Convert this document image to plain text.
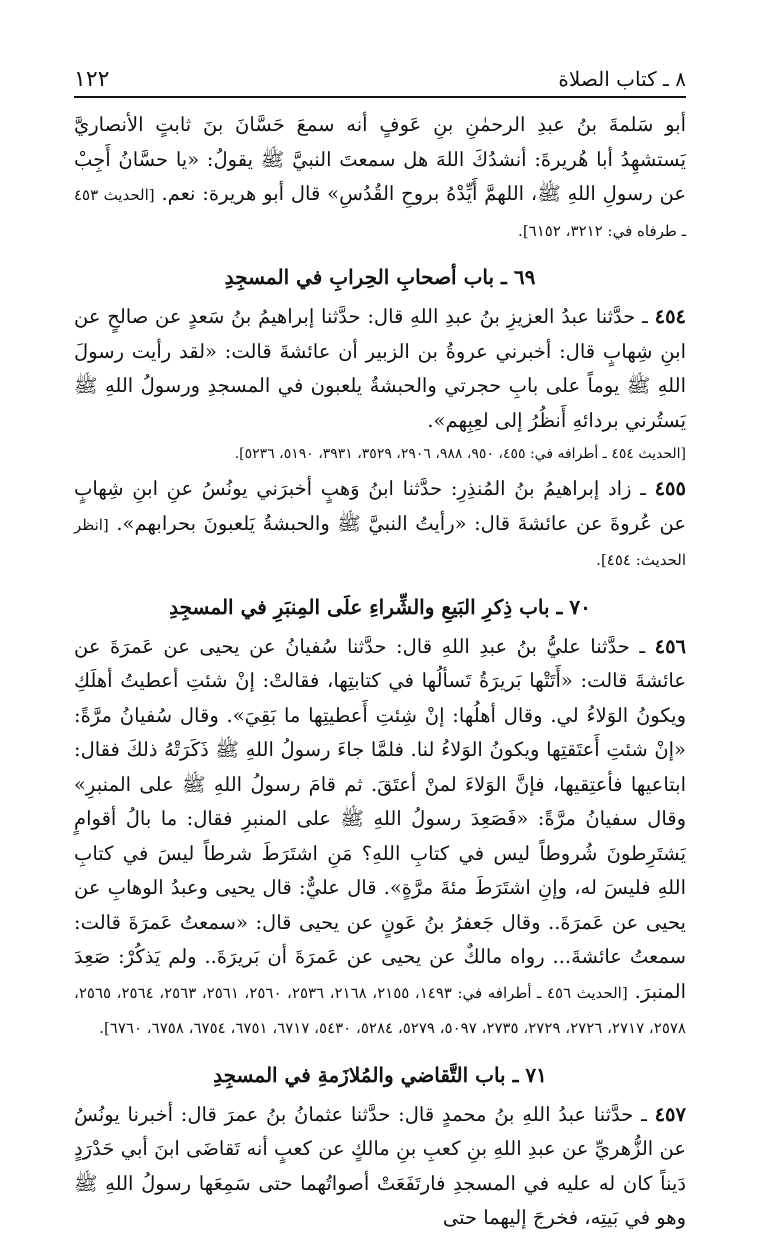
١٢٢	٨ ـ كتاب الصلاة

أبو سَلمةَ بنُ عبدِ الرحمٰنِ بنِ عَوفٍ أنه سمعَ حَسَّانَ بنَ ثابتٍ الأنصاريَّ يَستشهِدُ أبا هُريرةَ: أنشدُكَ اللهَ هل سمعتَ النبيَّ ﷺ يقولُ: «يا حسَّانُ أَجِبْ عن رسولِ اللهِ ﷺ، اللهمَّ أَيِّدْهُ بروحِ القُدُسِ» قال أبو هريرة: نعم. [الحديث ٤٥٣ ـ طرفاه في: ٣٢١٢، ٦١٥٢].

٦٩ ـ باب أصحابِ الحِرابِ في المسجِدِ

٤٥٤ ـ حدَّثنا عبدُ العزيزِ بنُ عبدِ اللهِ قال: حدَّثنا إبراهيمُ بنُ سَعدٍ عن صالحٍ عن ابنِ شِهابٍ قال: أخبرني عروةُ بن الزبير أن عائشةَ قالت: «لقد رأيت رسولَ اللهِ ﷺ يوماً على بابِ حجرتي والحبشةُ يلعبون في المسجدِ ورسولُ اللهِ ﷺ يَستُرني بردائهِ أَنظُرُ إلى لعِبِهم».

[الحديث ٤٥٤ ـ أطرافه في: ٤٥٥، ٩٥٠، ٩٨٨، ٢٩٠٦، ٣٥٢٩، ٣٩٣١، ٥١٩٠، ٥٢٣٦].

٤٥٥ ـ زاد إبراهيمُ بنُ المُنذِرِ: حدَّثنا ابنُ وَهبٍ أخبرَني يونُسُ عنِ ابنِ شِهابٍ عن عُروةَ عن عائشةَ قال: «رأيتُ النبيَّ ﷺ والحبشةُ يَلعبونَ بحرابهم». [انظر الحديث: ٤٥٤].

٧٠ ـ باب ذِكرِ البَيعِ والشِّراءِ علَى المِنبَرِ في المسجِدِ

٤٥٦ ـ حدَّثنا عليُّ بنُ عبدِ اللهِ قال: حدَّثنا سُفيانُ عن يحيى عن عَمرَةَ عن عائشةَ قالت: «أَتَتْها بَريرَةُ تَسألُها في كتابتِها، فقالتْ: إنْ شئتِ أعطيتُ أهلَكِ ويكونُ الوَلاءُ لي. وقال أهلُها: إنْ شِئتِ أَعطيتِها ما بَقِيَ». وقال سُفيانُ مرَّةً: «إنْ شئتِ أَعتَقتِها ويكونُ الوَلاءُ لنا. فلمَّا جاءَ رسولُ اللهِ ﷺ ذَكَرَتْهُ ذلكَ فقال: ابتاعيها فأعتِقيها، فإنَّ الوَلاءَ لمنْ أعتَقَ. ثم قامَ رسولُ اللهِ ﷺ على المنبرِ» وقال سفيانُ مرَّةً: «فَصَعِدَ رسولُ اللهِ ﷺ على المنبرِ فقال: ما بالُ أقوامٍ يَشتَرِطونَ شُروطاً ليس في كتابِ اللهِ؟ مَنِ اشتَرَطَ شرطاً ليسَ في كتابِ اللهِ فليسَ له، وإنِ اشتَرَطَ مئةَ مرَّةٍ». قال عليٌّ: قال يحيى وعبدُ الوهابِ عن يحيى عن عَمرَةَ.. وقال جَعفرُ بنُ عَونٍ عن يحيى قال: «سمعتُ عَمرَةَ قالت: سمعتُ عائشةَ... رواه مالكٌ عن يحيى عن عَمرَةَ أن بَريرَةَ.. ولم يَذكُرْ: صَعِدَ المنبرَ. [الحديث ٤٥٦ ـ أطرافه في: ١٤٩٣، ٢١٥٥، ٢١٦٨، ٢٥٣٦، ٢٥٦٠، ٢٥٦١، ٢٥٦٣، ٢٥٦٤، ٢٥٦٥، ٢٥٧٨، ٢٧١٧، ٢٧٢٦، ٢٧٢٩، ٢٧٣٥، ٥٠٩٧، ٥٢٧٩، ٥٢٨٤، ٥٤٣٠، ٦٧١٧، ٦٧٥١، ٦٧٥٤، ٦٧٥٨، ٦٧٦٠].

٧١ ـ باب التَّقاضي والمُلازَمةِ في المسجِدِ

٤٥٧ ـ حدَّثنا عبدُ اللهِ بنُ محمدٍ قال: حدَّثنا عثمانُ بنُ عمرَ قال: أخبرنا يونُسُ عن الزُّهريِّ عن عبدِ اللهِ بنِ كعبِ بنِ مالكٍ عن كعبٍ أنه تَقاضَى ابنَ أبي حَدْرَدٍ دَيناً كان له عليه في المسجدِ فارتَفَعَتْ أصواتُهما حتى سَمِعَها رسولُ اللهِ ﷺ وهو في بَيتِه، فخرجَ إليهما حتى
